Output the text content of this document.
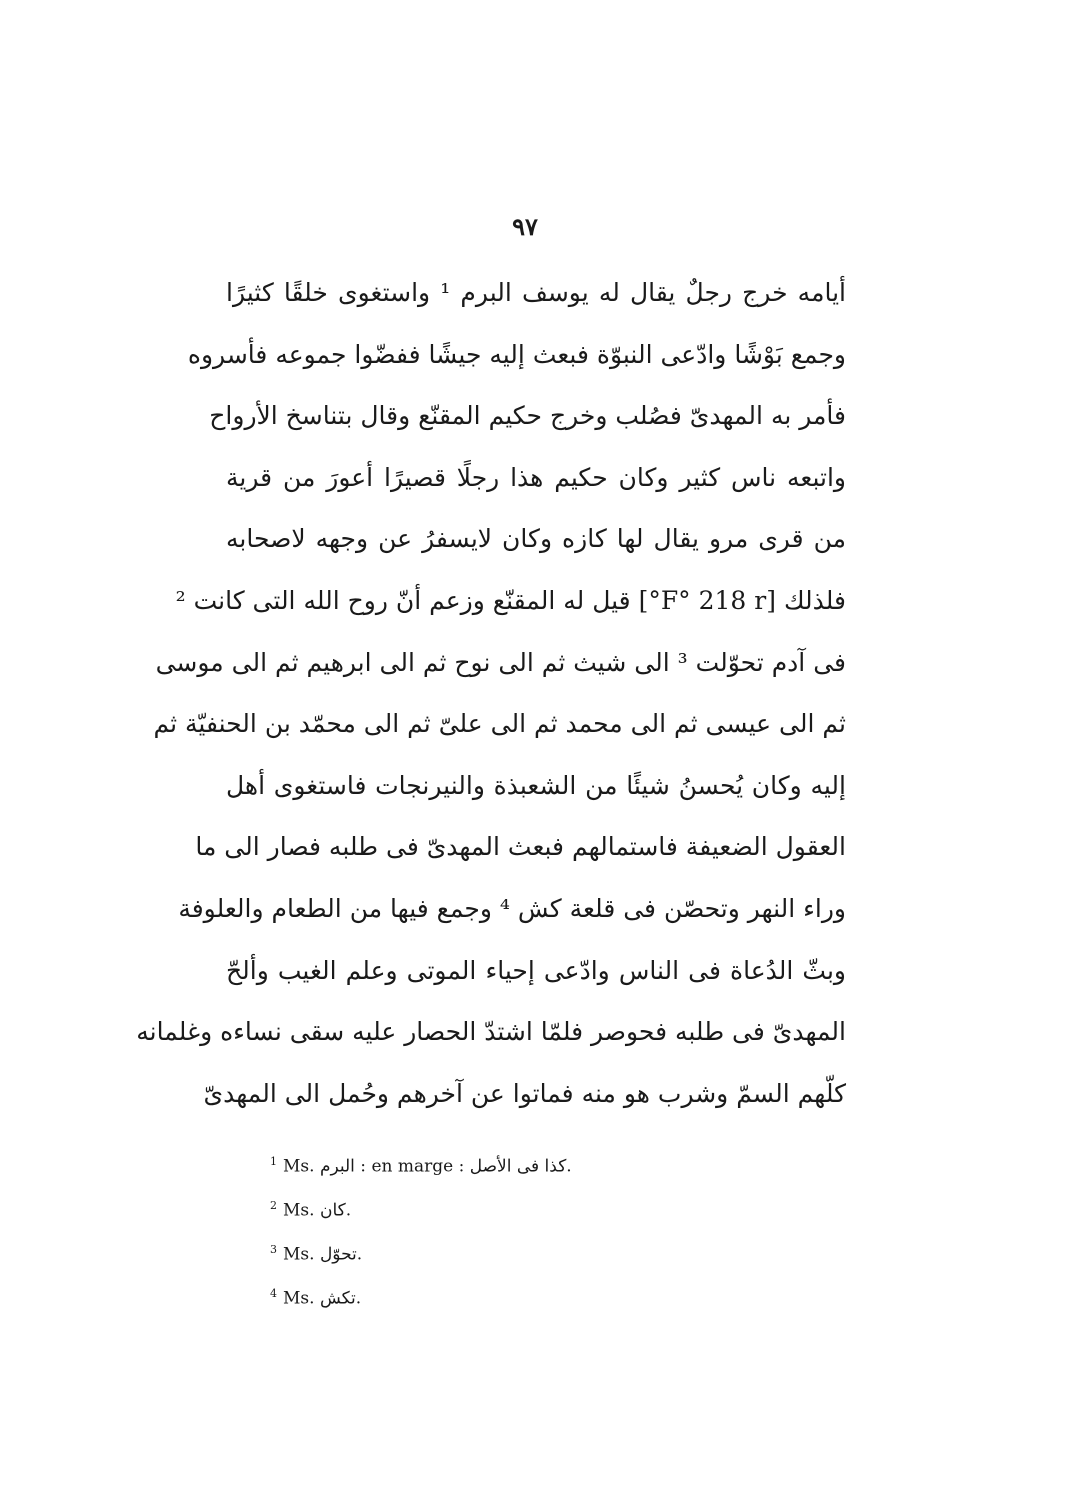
٩٧
أيامه خرج رجلٌ يقال له يوسف البرم ¹ واستغوى خلقًا كثيرًا
وجمع بَوْشًا وادّعى النبوّة فبعث إليه جيشًا ففضّوا جموعه فأسروه
فأمر به المهدىّ فصُلب وخرج حكيم المقنّع وقال بتناسخ الأرواح
واتبعه ناس كثير وكان حكيم هذا رجلًا قصيرًا أعورَ من قرية
من قرى مرو يقال لها كازه وكان لايسفرُ عن وجهه لاصحابه
فلذلك [F° 218 r°] قيل له المقنّع وزعم أنّ روح الله التى كانت ²
فى آدم تحوّلت ³ الى شيث ثم الى نوح ثم الى ابرهيم ثم الى موسى
ثم الى عيسى ثم الى محمد ثم الى علىّ ثم الى محمّد بن الحنفيّة ثم
إليه وكان يُحسنُ شيئًا من الشعبذة والنيرنجات فاستغوى أهل
العقول الضعيفة فاستمالهم فبعث المهدىّ فى طلبه فصار الى ما
وراء النهر وتحصّن فى قلعة كش ⁴ وجمع فيها من الطعام والعلوفة
وبثّ الدُعاة فى الناس وادّعى إحياء الموتى وعلم الغيب وألحّ
المهدىّ فى طلبه فحوصر فلمّا اشتدّ الحصار عليه سقى نساءه وغلمانه
كلّهم السمّ وشرب هو منه فماتوا عن آخرهم وحُمل الى المهدىّ
$^1$ Ms. البرم : en marge : كذا فى الأصل.
$^2$ Ms. كان.
$^3$ Ms. تحوّل.
$^4$ Ms. تكش.
